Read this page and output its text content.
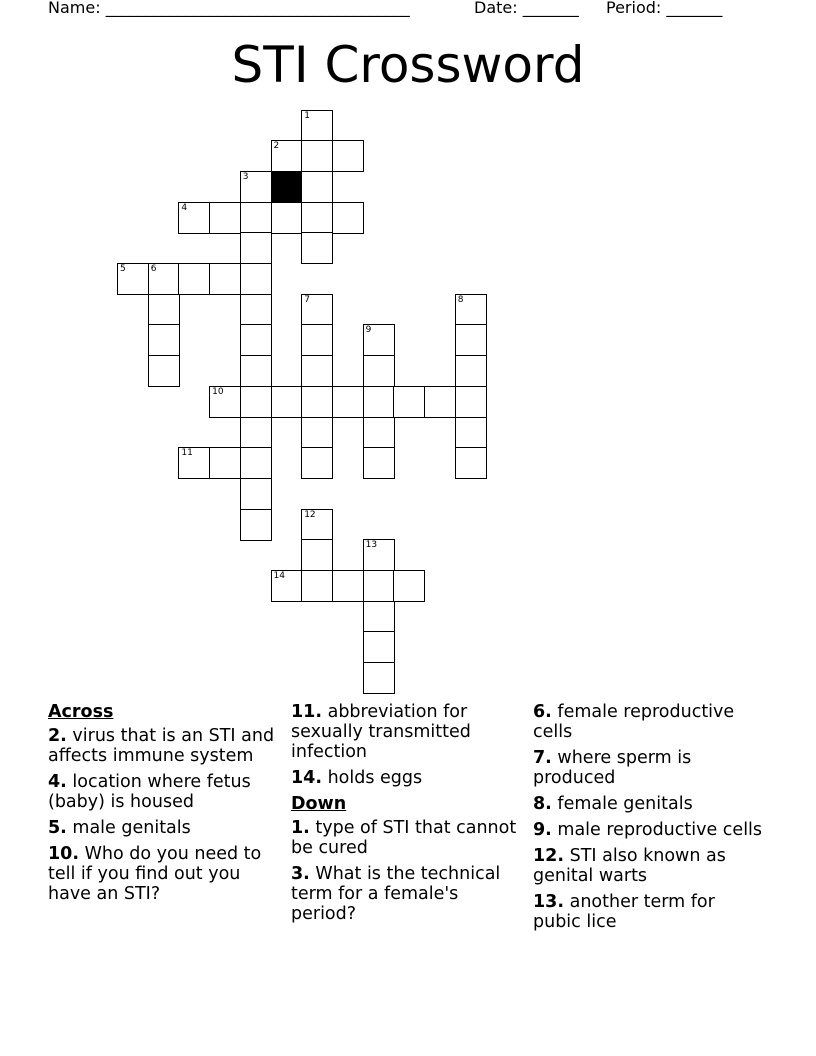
Name: ______________________________________	Date: _______ Period: _______
STI Crossword
1
2
3
4
5	6
7	8
9
10
11
12
13
14
Across
2. virus that is an STI and affects immune system
4. location where fetus (baby) is housed
5. male genitals
10. Who do you need to tell if you find out you have an STI?
11. abbreviation for sexually transmitted infection
14. holds eggs
Down
1. type of STI that cannot be cured
3. What is the technical term for a female's period?
6. female reproductive cells
7. where sperm is produced
8. female genitals
9. male reproductive cells
12. STI also known as genital warts
13. another term for pubic lice
